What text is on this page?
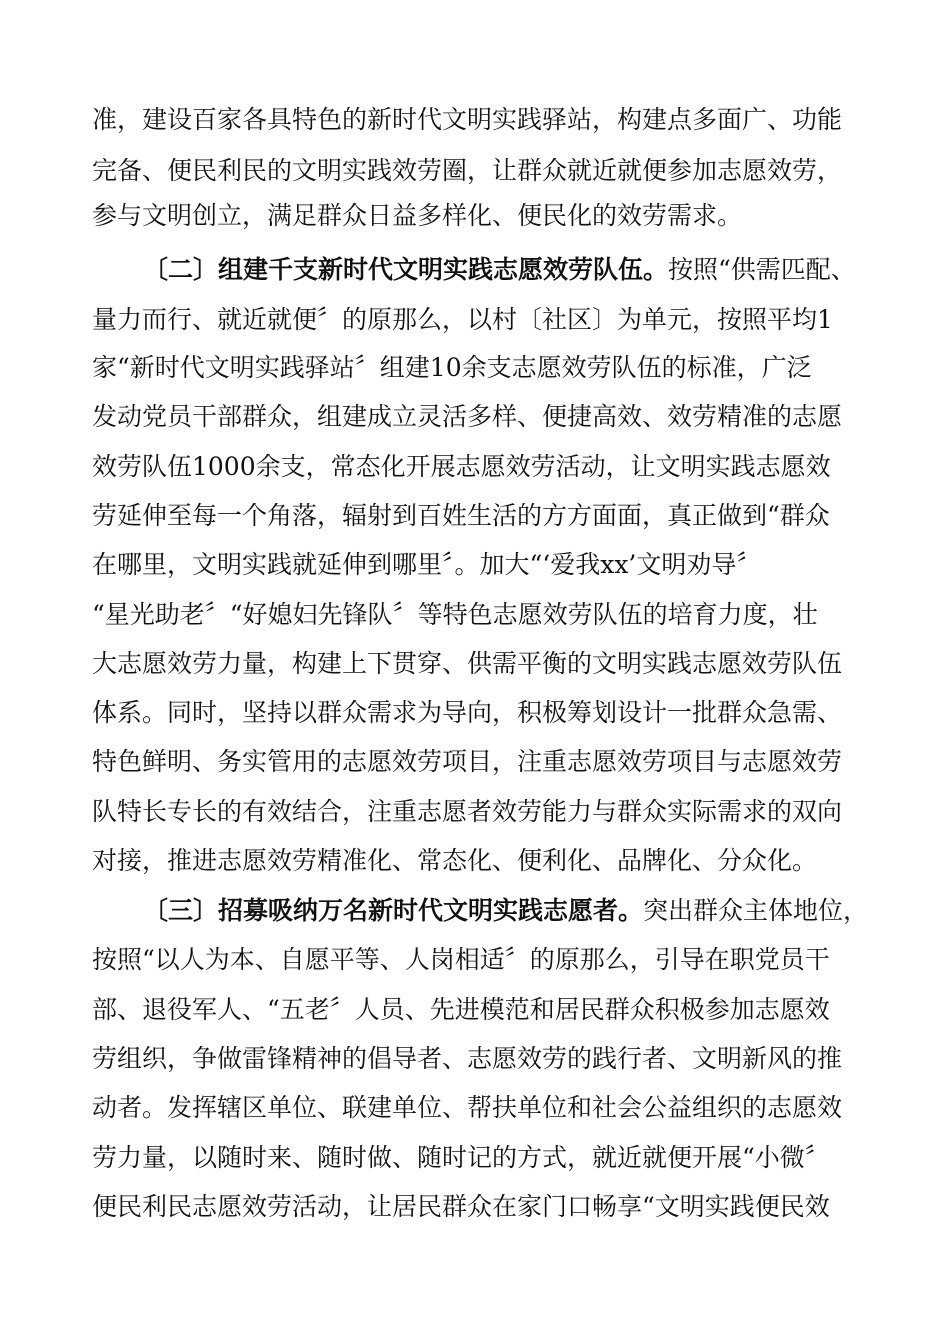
准，建设百家各具特色的新时代文明实践驿站，构建点多面广、功能
完备、便民利民的文明实践效劳圈，让群众就近就便参加志愿效劳，
参与文明创立，满足群众日益多样化、便民化的效劳需求。
〔二〕组建千支新时代文明实践志愿效劳队伍。按照“供需匹配、
量力而行、就近就便〞的原那么，以村〔社区〕为单元，按照平均1
家“新时代文明实践驿站〞组建10余支志愿效劳队伍的标准，广泛
发动党员干部群众，组建成立灵活多样、便捷高效、效劳精准的志愿
效劳队伍1000余支，常态化开展志愿效劳活动，让文明实践志愿效
劳延伸至每一个角落，辐射到百姓生活的方方面面，真正做到“群众
在哪里，文明实践就延伸到哪里〞。加大“‘爱我xx’文明劝导〞
“星光助老〞“好媳妇先锋队〞等特色志愿效劳队伍的培育力度，壮
大志愿效劳力量，构建上下贯穿、供需平衡的文明实践志愿效劳队伍
体系。同时，坚持以群众需求为导向，积极筹划设计一批群众急需、
特色鲜明、务实管用的志愿效劳项目，注重志愿效劳项目与志愿效劳
队特长专长的有效结合，注重志愿者效劳能力与群众实际需求的双向
对接，推进志愿效劳精准化、常态化、便利化、品牌化、分众化。
〔三〕招募吸纳万名新时代文明实践志愿者。突出群众主体地位，
按照“以人为本、自愿平等、人岗相适〞的原那么，引导在职党员干
部、退役军人、“五老〞人员、先进模范和居民群众积极参加志愿效
劳组织，争做雷锋精神的倡导者、志愿效劳的践行者、文明新风的推
动者。发挥辖区单位、联建单位、帮扶单位和社会公益组织的志愿效
劳力量，以随时来、随时做、随时记的方式，就近就便开展“小微〞
便民利民志愿效劳活动，让居民群众在家门口畅享“文明实践便民效
